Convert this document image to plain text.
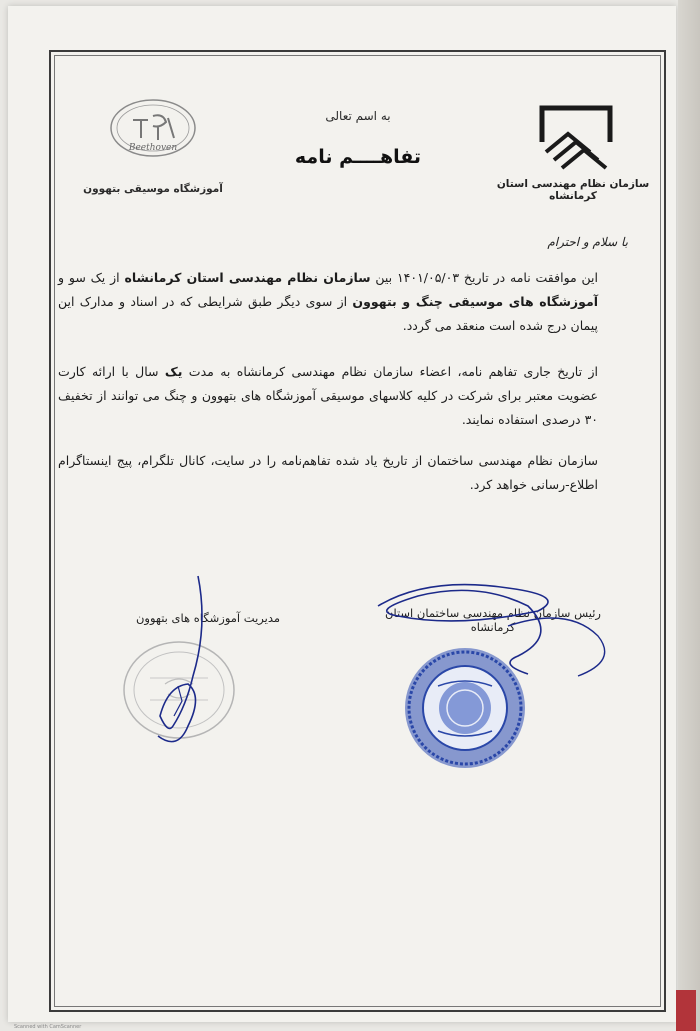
Beethoven
آموزشگاه موسیقی بتهوون
به اسم تعالی
تفاهــــم نامه
سازمان نظام مهندسی استان کرمانشاه
با سلام و احترام
این موافقت نامه در تاریخ ۱۴۰۱/۰۵/۰۳ بین سازمان نظام مهندسی استان کرمانشاه از یک سو و آموزشگاه های موسیقی چنگ و بتهوون از سوی دیگر طبق شرایطی که در اسناد و مدارک این پیمان درج شده است منعقد می گردد.
از تاریخ جاری تفاهم نامه، اعضاء سازمان نظام مهندسی کرمانشاه به مدت یک سال با ارائه کارت عضویت معتبر برای شرکت در کلیه کلاسهای موسیقی آموزشگاه های بتهوون و چنگ می توانند از تخفیف ۳۰ درصدی استفاده نمایند.
سازمان نظام مهندسی ساختمان از تاریخ یاد شده تفاهم‌نامه را در سایت، کانال تلگرام، پیج اینستاگرام اطلاع-رسانی خواهد کرد.
مدیریت آموزشگاه های بتهوون	رئیس سازمان نظام مهندسی ساختمان استان کرمانشاه
Scanned with CamScanner
